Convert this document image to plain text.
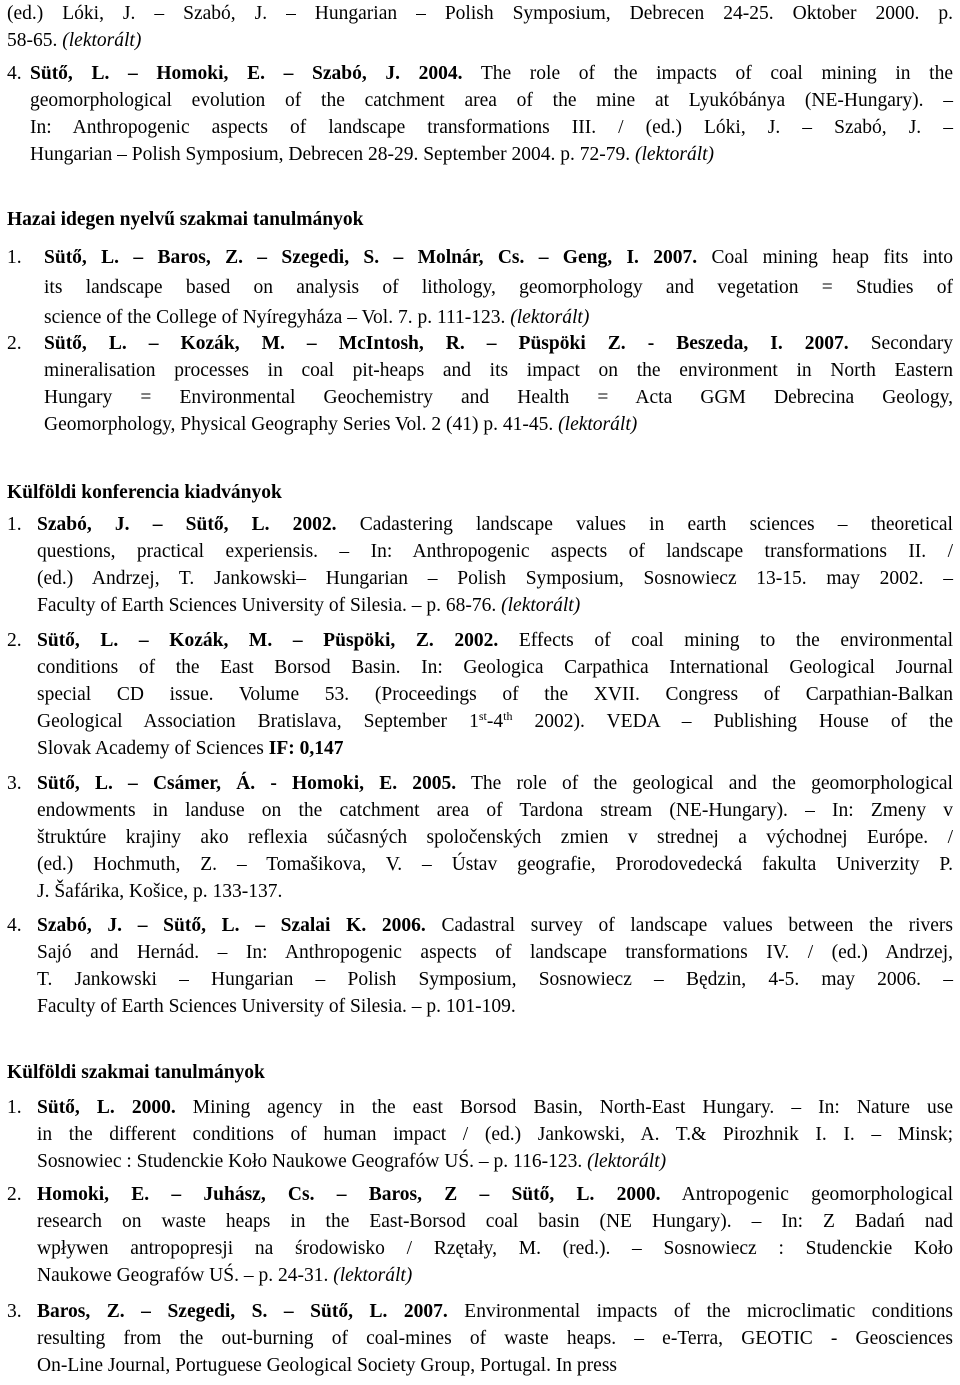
(ed.) Lóki, J. – Szabó, J. – Hungarian – Polish Symposium, Debrecen 24-25. Oktober 2000. p.
58-65. (lektorált)
4. Sütő, L. – Homoki, E. – Szabó, J. 2004. The role of the impacts of coal mining in the
geomorphological evolution of the catchment area of the mine at Lyukóbánya (NE-Hungary). –
In: Anthropogenic aspects of landscape transformations III. / (ed.) Lóki, J. – Szabó, J. –
Hungarian – Polish Symposium, Debrecen 28-29. September 2004. p. 72-79. (lektorált)
Hazai idegen nyelvű szakmai tanulmányok
1. Sütő, L. – Baros, Z. – Szegedi, S. – Molnár, Cs. – Geng, I. 2007. Coal mining heap fits into
its landscape based on analysis of lithology, geomorphology and vegetation = Studies of
science of the College of Nyíregyháza – Vol. 7. p. 111-123. (lektorált)
2. Sütő, L. – Kozák, M. – McIntosh, R. – Püspöki Z. - Beszeda, I. 2007. Secondary
mineralisation processes in coal pit-heaps and its impact on the environment in North Eastern
Hungary = Environmental Geochemistry and Health = Acta GGM Debrecina Geology,
Geomorphology, Physical Geography Series Vol. 2 (41) p. 41-45. (lektorált)
Külföldi konferencia kiadványok
1. Szabó, J. – Sütő, L. 2002. Cadastering landscape values in earth sciences – theoretical
questions, practical experiensis. – In: Anthropogenic aspects of landscape transformations II. /
(ed.) Andrzej, T. Jankowski– Hungarian – Polish Symposium, Sosnowiecz 13-15. may 2002. –
Faculty of Earth Sciences University of Silesia. – p. 68-76. (lektorált)
2. Sütő, L. – Kozák, M. – Püspöki, Z. 2002. Effects of coal mining to the environmental
conditions of the East Borsod Basin. In: Geologica Carpathica International Geological Journal
special CD issue. Volume 53. (Proceedings of the XVII. Congress of Carpathian-Balkan
Geological Association Bratislava, September 1st-4th 2002). VEDA – Publishing House of the
Slovak Academy of Sciences IF: 0,147
3. Sütő, L. – Csámer, Á. - Homoki, E. 2005. The role of the geological and the geomorphological
endowments in landuse on the catchment area of Tardona stream (NE-Hungary). – In: Zmeny v
štruktúre krajiny ako reflexia súčasných spoločenských zmien v strednej a východnej Európe. /
(ed.) Hochmuth, Z. – Tomašikova, V. – Ústav geografie, Prorodovedecká fakulta Univerzity P.
J. Šafárika, Košice, p. 133-137.
4. Szabó, J. – Sütő, L. – Szalai K. 2006. Cadastral survey of landscape values between the rivers
Sajó and Hernád. – In: Anthropogenic aspects of landscape transformations IV. / (ed.) Andrzej,
T. Jankowski – Hungarian – Polish Symposium, Sosnowiecz – Będzin, 4-5. may 2006. –
Faculty of Earth Sciences University of Silesia. – p. 101-109.
Külföldi szakmai tanulmányok
1. Sütő, L. 2000. Mining agency in the east Borsod Basin, North-East Hungary. – In: Nature use
in the different conditions of human impact / (ed.) Jankowski, A. T.& Pirozhnik I. I. – Minsk;
Sosnowiec : Studenckie Koło Naukowe Geografów UŚ. – p. 116-123. (lektorált)
2. Homoki, E. – Juhász, Cs. – Baros, Z – Sütő, L. 2000. Antropogenic geomorphological
research on waste heaps in the East-Borsod coal basin (NE Hungary). – In: Z Badań nad
wpływen antropopresji na środowisko / Rzętały, M. (red.). – Sosnowiecz : Studenckie Koło
Naukowe Geografów UŚ. – p. 24-31. (lektorált)
3. Baros, Z. – Szegedi, S. – Sütő, L. 2007. Environmental impacts of the microclimatic conditions
resulting from the out-burning of coal-mines of waste heaps. – e-Terra, GEOTIC - Geosciences
On-Line Journal, Portuguese Geological Society Group, Portugal. In press
